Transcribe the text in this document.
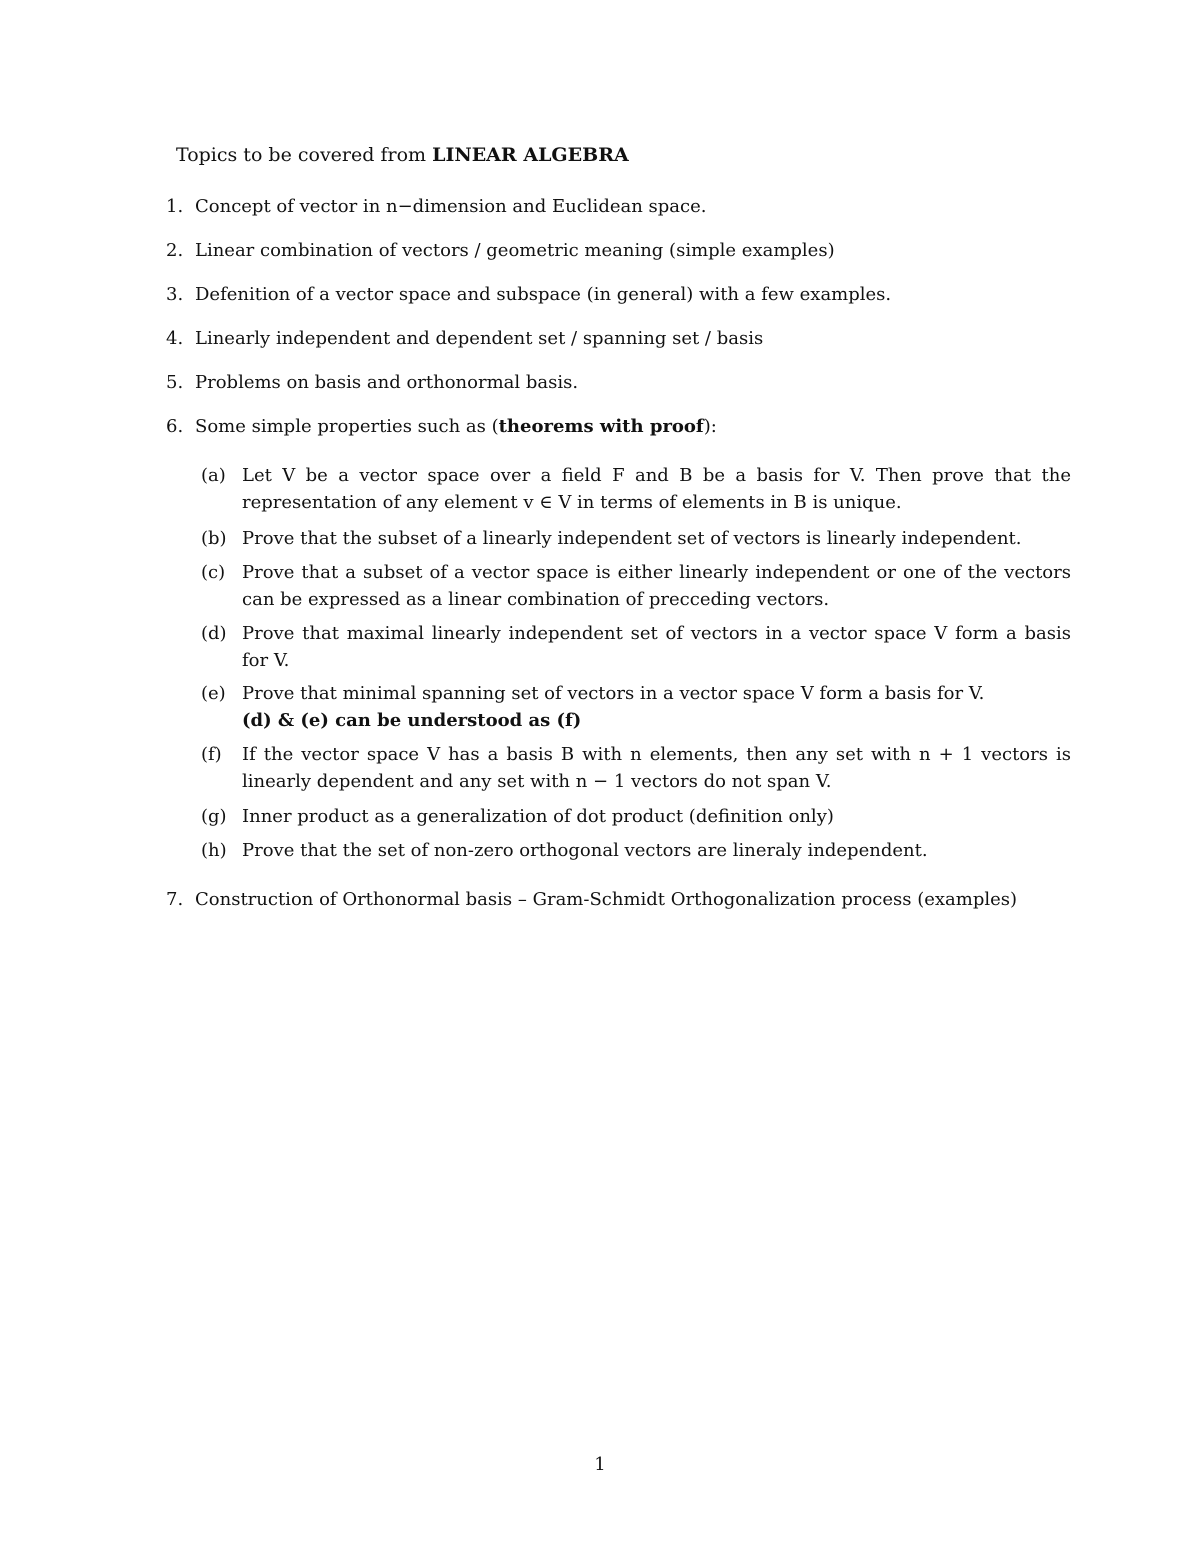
Topics to be covered from LINEAR ALGEBRA
1. Concept of vector in n−dimension and Euclidean space.
2. Linear combination of vectors / geometric meaning (simple examples)
3. Defenition of a vector space and subspace (in general) with a few examples.
4. Linearly independent and dependent set / spanning set / basis
5. Problems on basis and orthonormal basis.
6. Some simple properties such as (theorems with proof):
(a) Let V be a vector space over a field F and B be a basis for V. Then prove that the
representation of any element v ∈ V in terms of elements in B is unique.
(b) Prove that the subset of a linearly independent set of vectors is linearly independent.
(c) Prove that a subset of a vector space is either linearly independent or one of the vectors
can be expressed as a linear combination of precceding vectors.
(d) Prove that maximal linearly independent set of vectors in a vector space V form a basis
for V.
(e) Prove that minimal spanning set of vectors in a vector space V form a basis for V.
(d) & (e) can be understood as (f)
(f)	If the vector space V has a basis B with n elements, then any set with n + 1 vectors is
linearly dependent and any set with n − 1 vectors do not span V.
(g) Inner product as a generalization of dot product (definition only)
(h) Prove that the set of non-zero orthogonal vectors are lineraly independent.
7. Construction of Orthonormal basis – Gram-Schmidt Orthogonalization process (examples)
1
